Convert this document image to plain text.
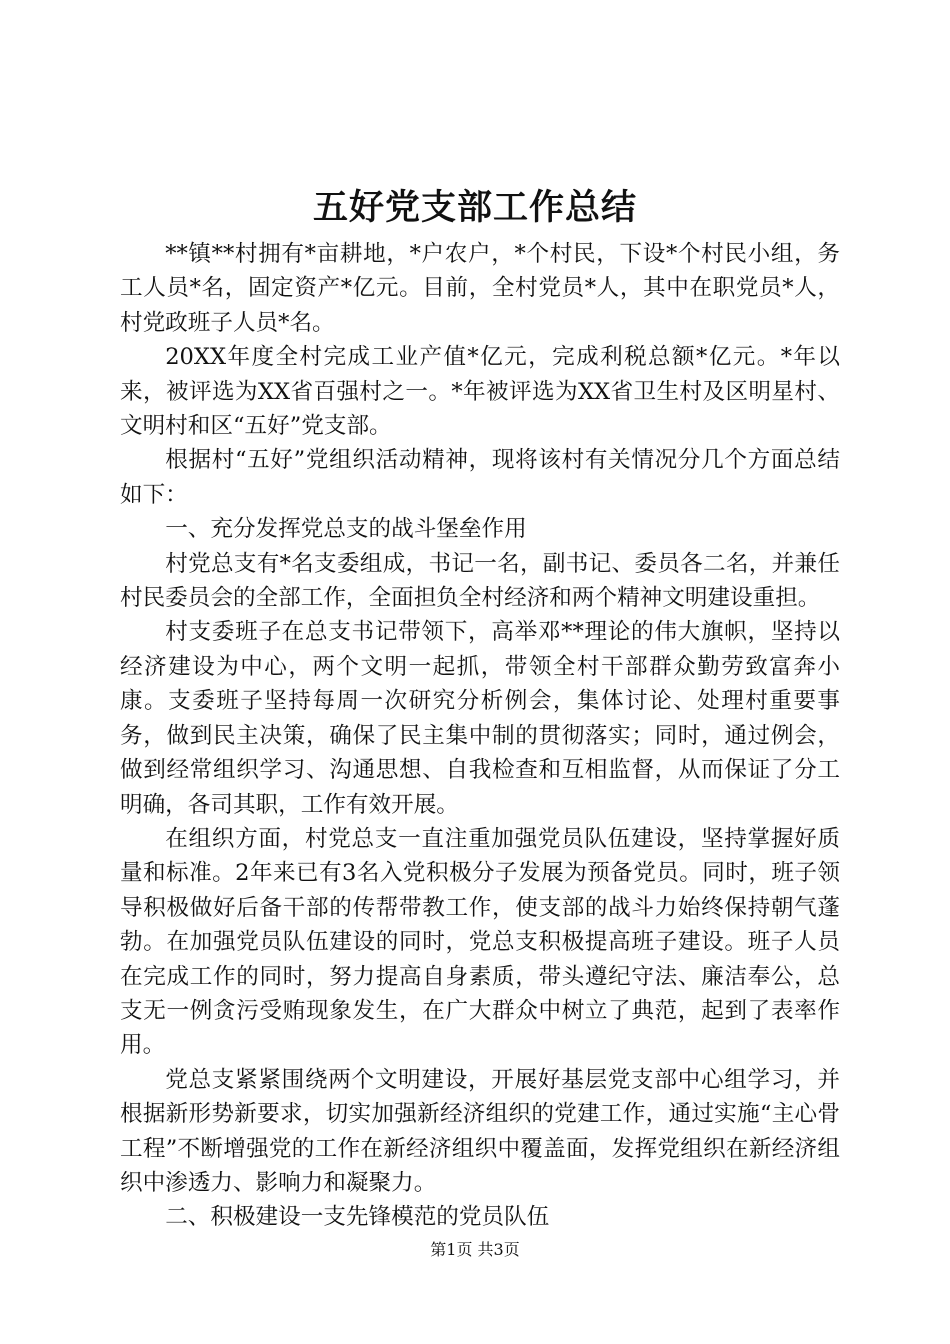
五好党支部工作总结

**镇**村拥有*亩耕地，*户农户，*个村民，下设*个村民小组，务工人员*名，固定资产*亿元。目前，全村党员*人，其中在职党员*人，村党政班子人员*名。

20XX年度全村完成工业产值*亿元，完成利税总额*亿元。*年以来，被评选为XX省百强村之一。*年被评选为XX省卫生村及区明星村、文明村和区“五好”党支部。

根据村“五好”党组织活动精神，现将该村有关情况分几个方面总结如下：

一、充分发挥党总支的战斗堡垒作用

村党总支有*名支委组成，书记一名，副书记、委员各二名，并兼任村民委员会的全部工作，全面担负全村经济和两个精神文明建设重担。

村支委班子在总支书记带领下，高举邓**理论的伟大旗帜，坚持以经济建设为中心，两个文明一起抓，带领全村干部群众勤劳致富奔小康。支委班子坚持每周一次研究分析例会，集体讨论、处理村重要事务，做到民主决策，确保了民主集中制的贯彻落实；同时，通过例会，做到经常组织学习、沟通思想、自我检查和互相监督，从而保证了分工明确，各司其职，工作有效开展。

在组织方面，村党总支一直注重加强党员队伍建设，坚持掌握好质量和标准。2年来已有3名入党积极分子发展为预备党员。同时，班子领导积极做好后备干部的传帮带教工作，使支部的战斗力始终保持朝气蓬勃。在加强党员队伍建设的同时，党总支积极提高班子建设。班子人员在完成工作的同时，努力提高自身素质，带头遵纪守法、廉洁奉公，总支无一例贪污受贿现象发生，在广大群众中树立了典范，起到了表率作用。

党总支紧紧围绕两个文明建设，开展好基层党支部中心组学习，并根据新形势新要求，切实加强新经济组织的党建工作，通过实施“主心骨工程”不断增强党的工作在新经济组织中覆盖面，发挥党组织在新经济组织中渗透力、影响力和凝聚力。

二、积极建设一支先锋模范的党员队伍

第1页 共3页
